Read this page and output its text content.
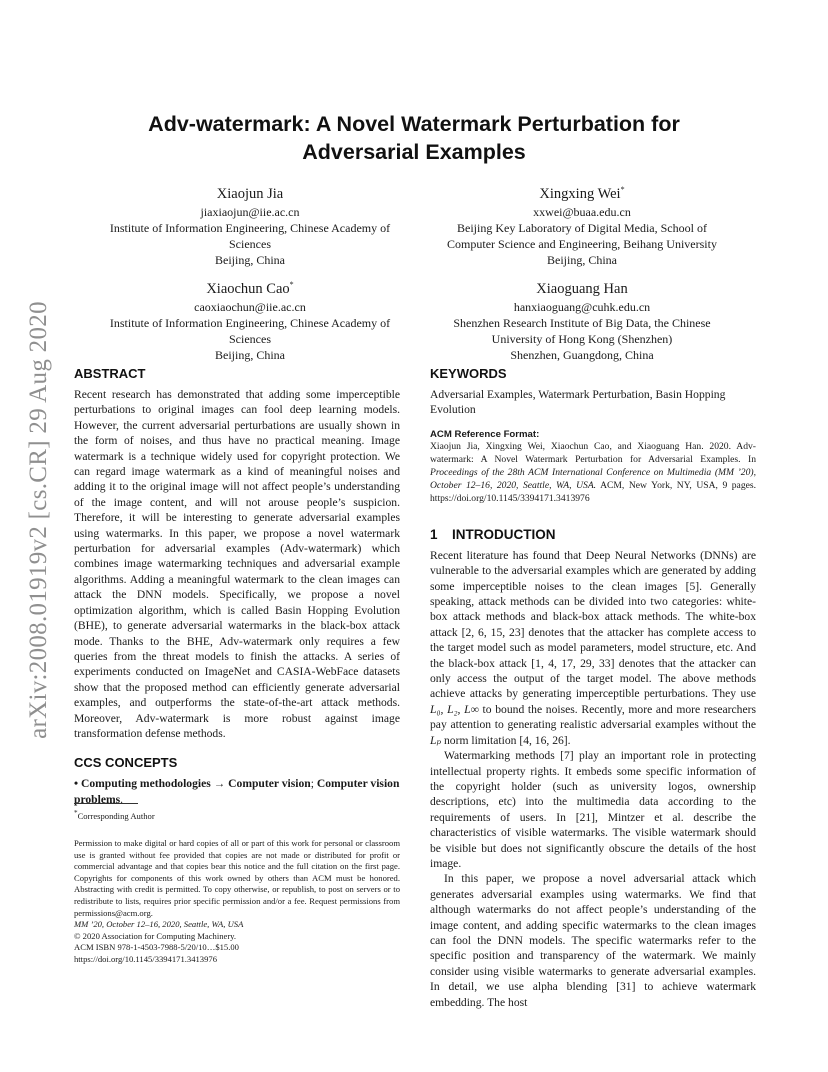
arXiv:2008.01919v2 [cs.CR] 29 Aug 2020
Adv-watermark: A Novel Watermark Perturbation for
Adversarial Examples
Xiaojun Jia
jiaxiaojun@iie.ac.cn
Institute of Information Engineering, Chinese Academy of
Sciences
Beijing, China
Xingxing Wei*
xxwei@buaa.edu.cn
Beijing Key Laboratory of Digital Media, School of
Computer Science and Engineering, Beihang University
Beijing, China
Xiaochun Cao*
caoxiaochun@iie.ac.cn
Institute of Information Engineering, Chinese Academy of
Sciences
Beijing, China
Xiaoguang Han
hanxiaoguang@cuhk.edu.cn
Shenzhen Research Institute of Big Data, the Chinese
University of Hong Kong (Shenzhen)
Shenzhen, Guangdong, China
ABSTRACT

Recent research has demonstrated that adding some imperceptible perturbations to original images can fool deep learning models. However, the current adversarial perturbations are usually shown in the form of noises, and thus have no practical meaning. Image watermark is a technique widely used for copyright protection. We can regard image watermark as a kind of meaningful noises and adding it to the original image will not affect people’s understanding of the image content, and will not arouse people’s suspicion. Therefore, it will be interesting to generate adversarial examples using watermarks. In this paper, we propose a novel watermark perturbation for adversarial examples (Adv-watermark) which combines image watermarking techniques and adversarial example algorithms. Adding a meaningful watermark to the clean images can attack the DNN models. Specifically, we propose a novel optimization algorithm, which is called Basin Hopping Evolution (BHE), to generate adversarial watermarks in the black-box attack mode. Thanks to the BHE, Adv-watermark only requires a few queries from the threat models to finish the attacks. A series of experiments conducted on ImageNet and CASIA-WebFace datasets show that the proposed method can efficiently generate adversarial examples, and outperforms the state-of-the-art attack methods. Moreover, Adv-watermark is more robust against image transformation defense methods.

CCS CONCEPTS

• Computing methodologies → Computer vision; Computer vision problems.

*Corresponding Author

Permission to make digital or hard copies of all or part of this work for personal or classroom use is granted without fee provided that copies are not made or distributed for profit or commercial advantage and that copies bear this notice and the full citation on the first page. Copyrights for components of this work owned by others than ACM must be honored. Abstracting with credit is permitted. To copy otherwise, or republish, to post on servers or to redistribute to lists, requires prior specific permission and/or a fee. Request permissions from permissions@acm.org.

MM ’20, October 12–16, 2020, Seattle, WA, USA

© 2020 Association for Computing Machinery.

ACM ISBN 978-1-4503-7988-5/20/10…$15.00

https://doi.org/10.1145/3394171.3413976

KEYWORDS

Adversarial Examples, Watermark Perturbation, Basin Hopping Evolution

ACM Reference Format:

Xiaojun Jia, Xingxing Wei, Xiaochun Cao, and Xiaoguang Han. 2020. Adv-watermark: A Novel Watermark Perturbation for Adversarial Examples. In Proceedings of the 28th ACM International Conference on Multimedia (MM ’20), October 12–16, 2020, Seattle, WA, USA. ACM, New York, NY, USA, 9 pages. https://doi.org/10.1145/3394171.3413976

1 INTRODUCTION

Recent literature has found that Deep Neural Networks (DNNs) are vulnerable to the adversarial examples which are generated by adding some imperceptible noises to the clean images [5]. Generally speaking, attack methods can be divided into two categories: white-box attack methods and black-box attack methods. The white-box attack [2, 6, 15, 23] denotes that the attacker has complete access to the target model such as model parameters, model structure, etc. And the black-box attack [1, 4, 17, 29, 33] denotes that the attacker can only access the output of the target model. The above methods achieve attacks by generating imperceptible perturbations. They use L₀, L₂, L∞ to bound the noises. Recently, more and more researchers pay attention to generating realistic adversarial examples without the Lₚ norm limitation [4, 16, 26].

Watermarking methods [7] play an important role in protecting intellectual property rights. It embeds some specific information of the copyright holder (such as university logos, ownership descriptions, etc) into the multimedia data according to the requirements of users. In [21], Mintzer et al. describe the characteristics of visible watermarks. The visible watermark should be visible but does not significantly obscure the details of the host image.

In this paper, we propose a novel adversarial attack which generates adversarial examples using watermarks. We find that although watermarks do not affect people’s understanding of the image content, and adding specific watermarks to the clean images can fool the DNN models. The specific watermarks refer to the specific position and transparency of the watermark. We mainly consider using visible watermarks to generate adversarial examples. In detail, we use alpha blending [31] to achieve watermark embedding. The host
